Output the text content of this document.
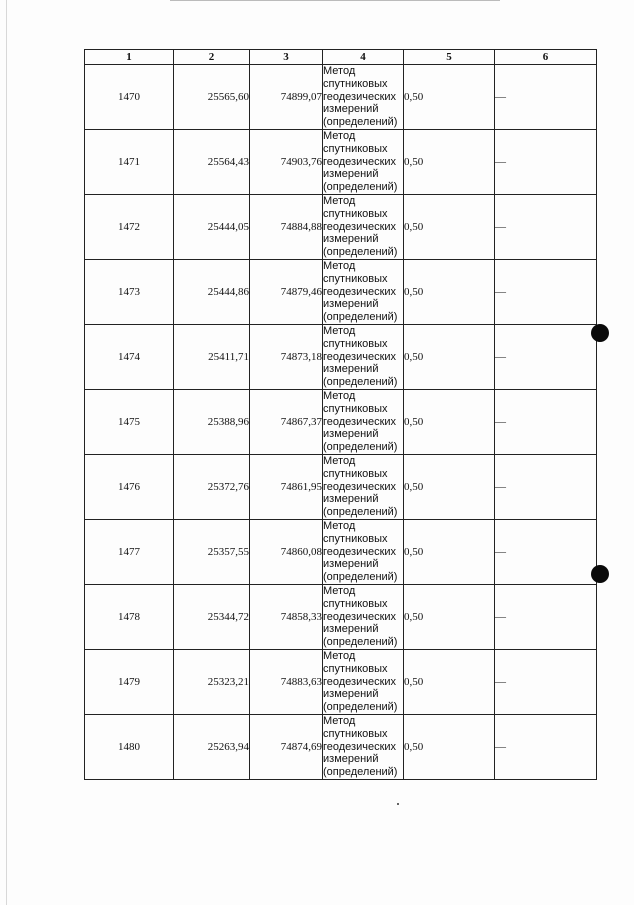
1	2	3	4	5	6
1470	25565,60	74899,07	Метод спутниковых геодезических измерений (определений)	0,50	—
1471	25564,43	74903,76	Метод спутниковых геодезических измерений (определений)	0,50	—
1472	25444,05	74884,88	Метод спутниковых геодезических измерений (определений)	0,50	—
1473	25444,86	74879,46	Метод спутниковых геодезических измерений (определений)	0,50	—
1474	25411,71	74873,18	Метод спутниковых геодезических измерений (определений)	0,50	—
1475	25388,96	74867,37	Метод спутниковых геодезических измерений (определений)	0,50	—
1476	25372,76	74861,95	Метод спутниковых геодезических измерений (определений)	0,50	—
1477	25357,55	74860,08	Метод спутниковых геодезических измерений (определений)	0,50	—
1478	25344,72	74858,33	Метод спутниковых геодезических измерений (определений)	0,50	—
1479	25323,21	74883,63	Метод спутниковых геодезических измерений (определений)	0,50	—
1480	25263,94	74874,69	Метод спутниковых геодезических измерений (определений)	0,50	—
